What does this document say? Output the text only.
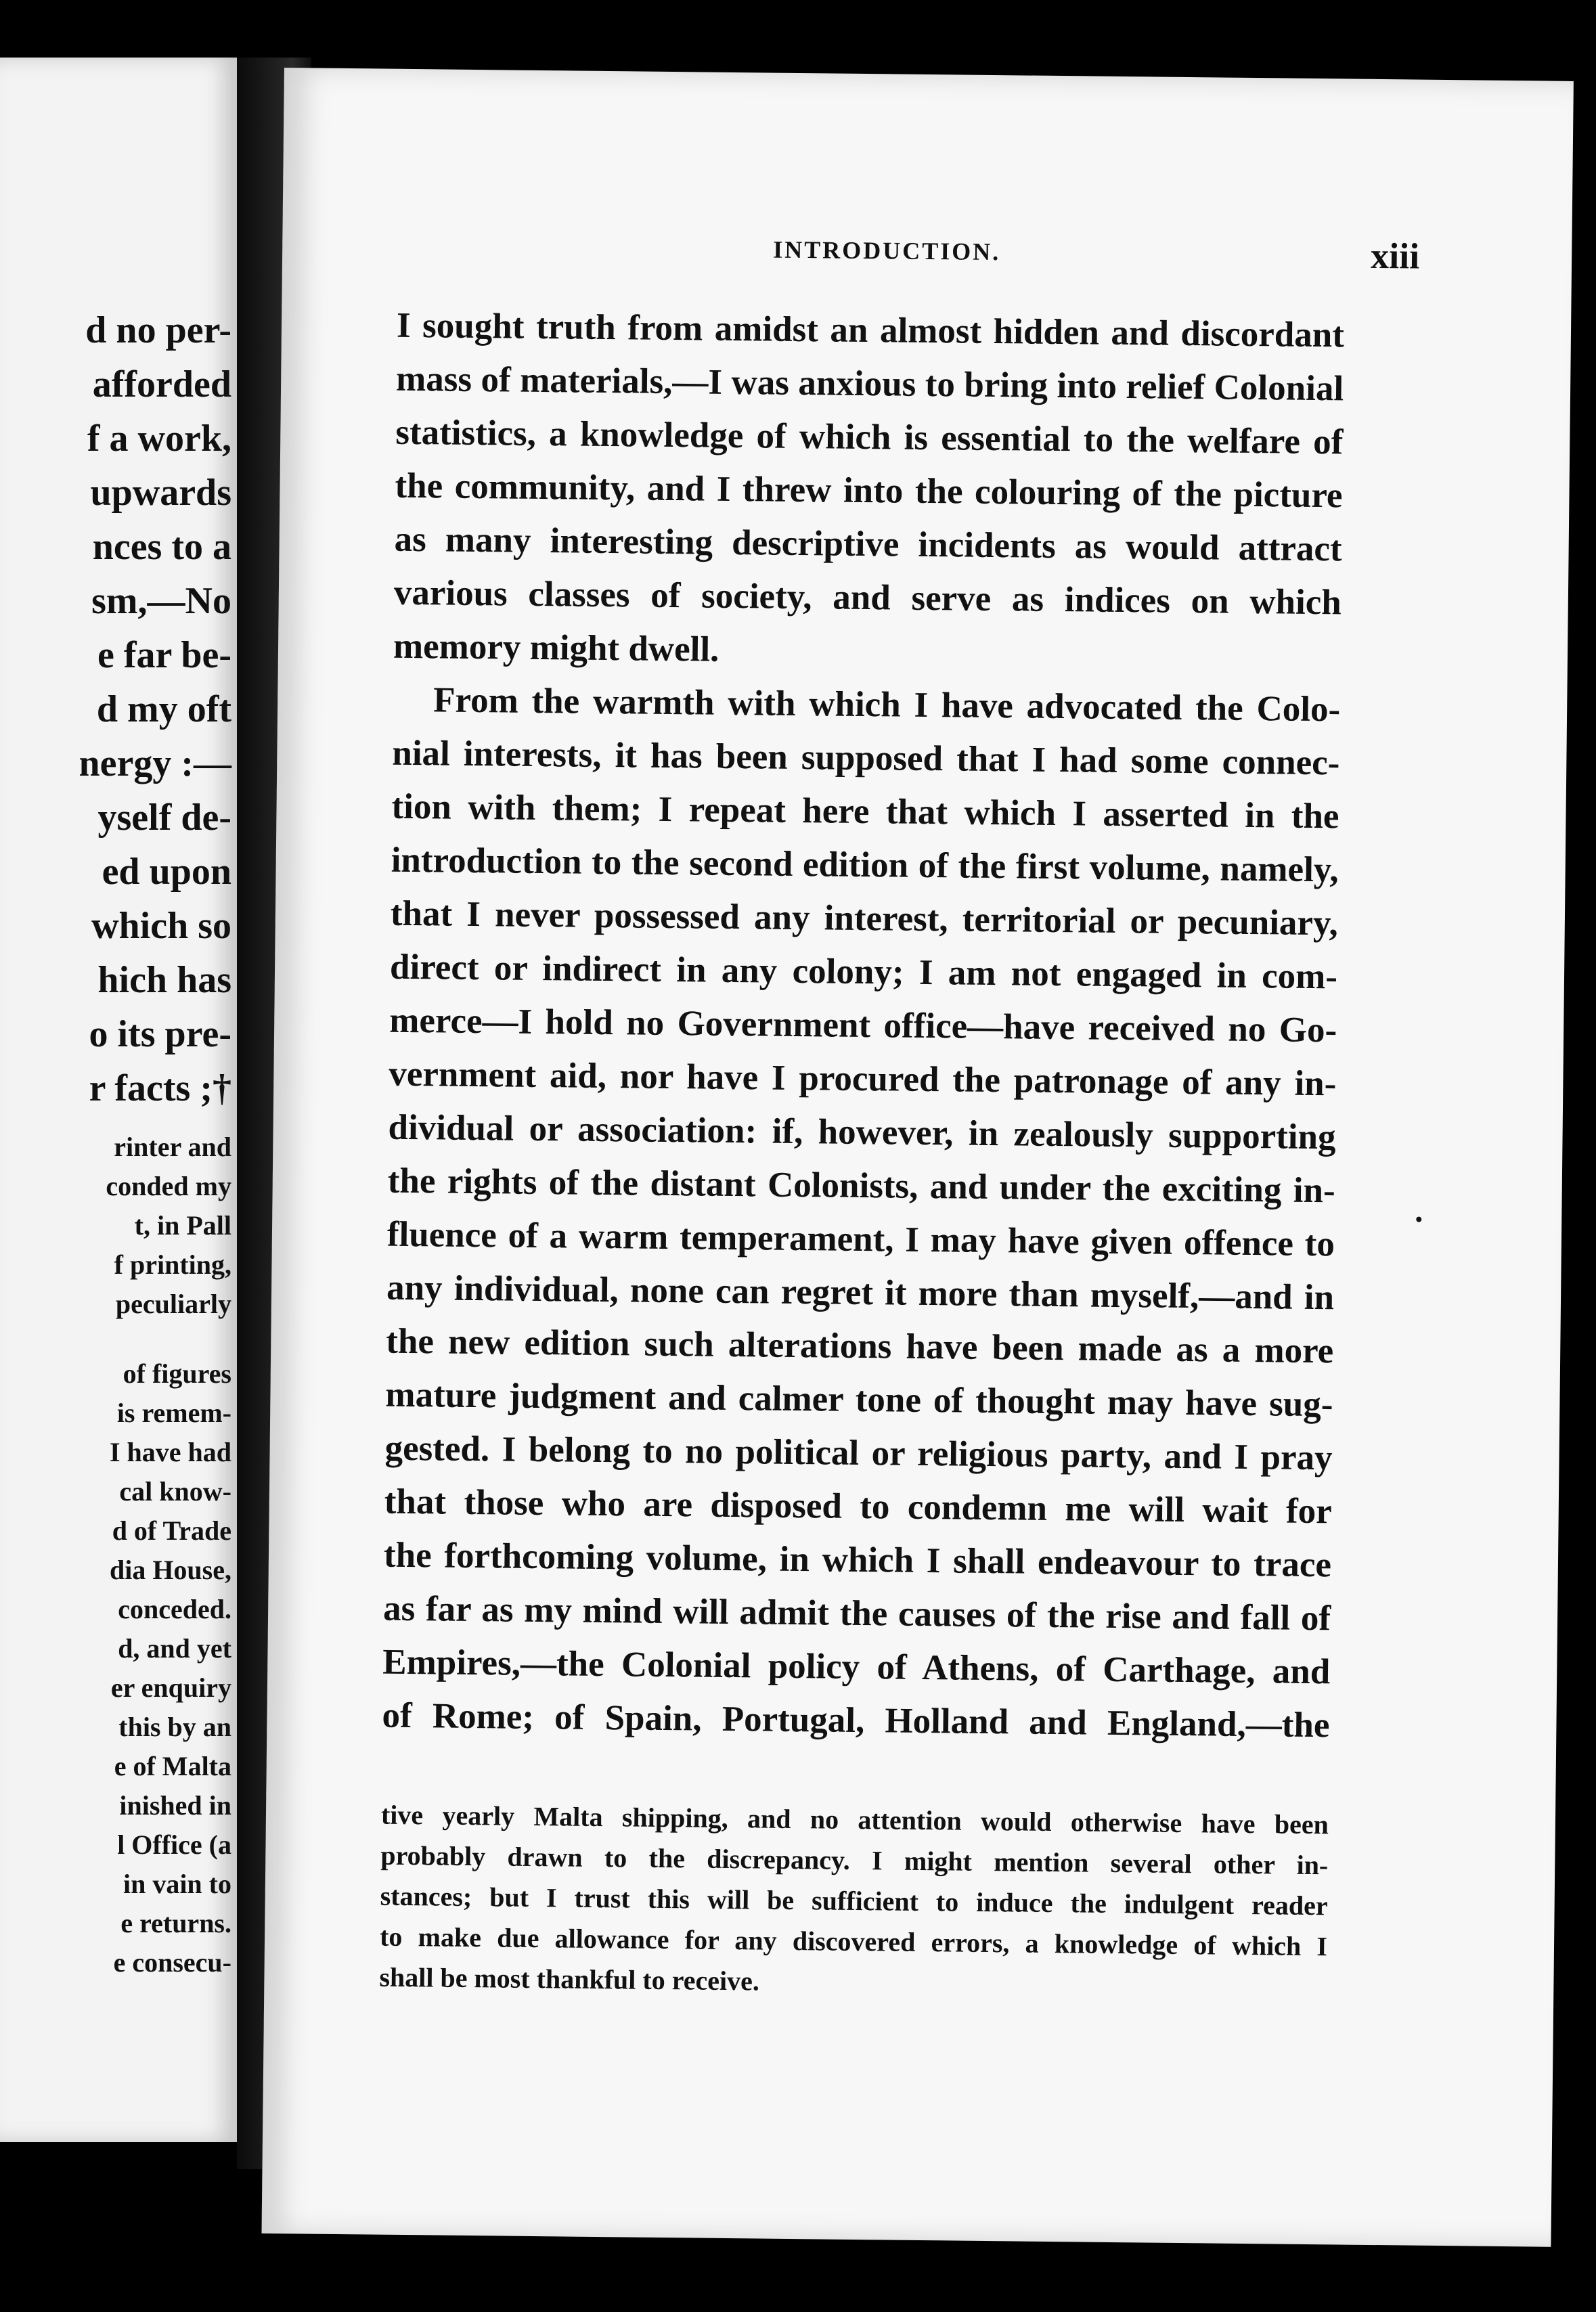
d no per-
afforded
f a work,
upwards
nces to a
sm,—No
e far be-
d my oft
nergy :—
yself de-
ed upon
which so
hich has
o its pre-
r facts ;†
rinter and
conded my
t, in Pall
f printing,
peculiarly
of figures
is remem-
I have had
cal know-
d of Trade
dia House,
conceded.
d, and yet
er enquiry
this by an
e of Malta
inished in
l Office (a
in vain to
e returns.
e consecu-
INTRODUCTION.	xiii
I sought truth from amidst an almost hidden and discordant
mass of materials,—I was anxious to bring into relief Colonial
statistics, a knowledge of which is essential to the welfare of
the community, and I threw into the colouring of the picture
as many interesting descriptive incidents as would attract
various classes of society, and serve as indices on which
memory might dwell.
From the warmth with which I have advocated the Colo-
nial interests, it has been supposed that I had some connec-
tion with them; I repeat here that which I asserted in the
introduction to the second edition of the first volume, namely,
that I never possessed any interest, territorial or pecuniary,
direct or indirect in any colony; I am not engaged in com-
merce—I hold no Government office—have received no Go-
vernment aid, nor have I procured the patronage of any in-
dividual or association: if, however, in zealously supporting
the rights of the distant Colonists, and under the exciting in-
fluence of a warm temperament, I may have given offence to
any individual, none can regret it more than myself,—and in
the new edition such alterations have been made as a more
mature judgment and calmer tone of thought may have sug-
gested. I belong to no political or religious party, and I pray
that those who are disposed to condemn me will wait for
the forthcoming volume, in which I shall endeavour to trace
as far as my mind will admit the causes of the rise and fall of
Empires,—the Colonial policy of Athens, of Carthage, and
of Rome; of Spain, Portugal, Holland and England,—the
tive yearly Malta shipping, and no attention would otherwise have been
probably drawn to the discrepancy. I might mention several other in-
stances; but I trust this will be sufficient to induce the indulgent reader
to make due allowance for any discovered errors, a knowledge of which I
shall be most thankful to receive.
